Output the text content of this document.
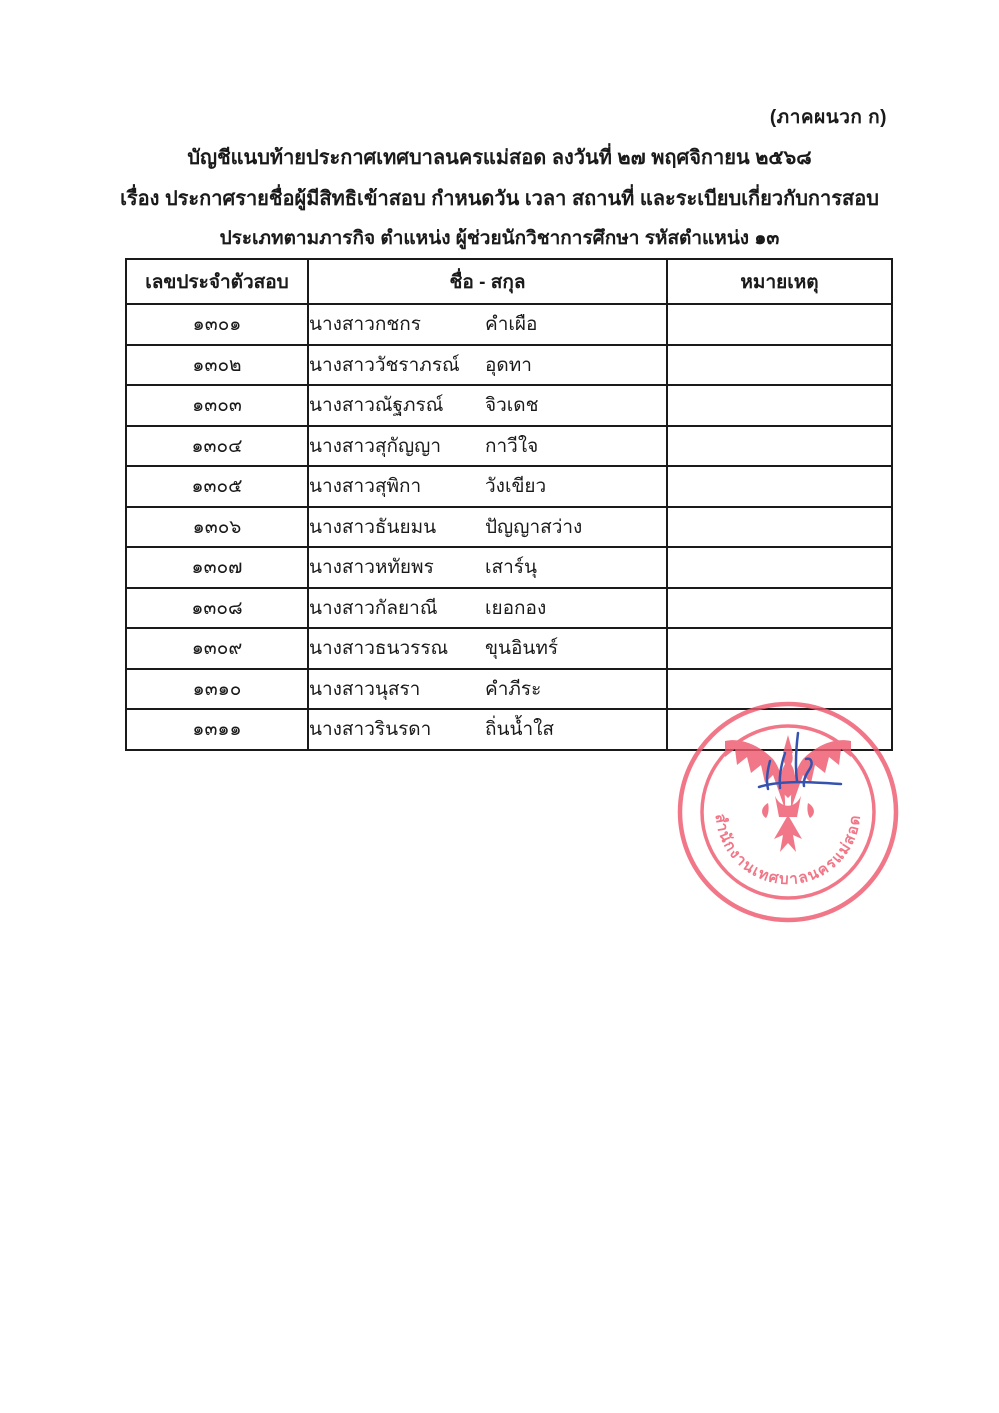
(ภาคผนวก ก)
บัญชีแนบท้ายประกาศเทศบาลนครแม่สอด ลงวันที่ ๒๗ พฤศจิกายน ๒๕๖๘
เรื่อง ประกาศรายชื่อผู้มีสิทธิเข้าสอบ กำหนดวัน เวลา สถานที่ และระเบียบเกี่ยวกับการสอบ
ประเภทตามภารกิจ ตำแหน่ง ผู้ช่วยนักวิชาการศึกษา รหัสตำแหน่ง ๑๓
เลขประจำตัวสอบ	ชื่อ - สกุล	หมายเหตุ
๑๓๐๑	นางสาวกชกร คำเผือ	
๑๓๐๒	นางสาววัชราภรณ์ อุดทา	
๑๓๐๓	นางสาวณัฐภรณ์ จิวเดช	
๑๓๐๔	นางสาวสุกัญญา กาวีใจ	
๑๓๐๕	นางสาวสุพิกา วังเขียว	
๑๓๐๖	นางสาวธันยมน ปัญญาสว่าง	
๑๓๐๗	นางสาวหทัยพร เสาร์นุ	
๑๓๐๘	นางสาวกัลยาณี เยอกอง	
๑๓๐๙	นางสาวธนวรรณ ขุนอินทร์	
๑๓๑๐	นางสาวนุสรา คำภีระ	
๑๓๑๑	นางสาวรินรดา ถิ่นน้ำใส	
สำนักงานเทศบาลนครแม่สอด
